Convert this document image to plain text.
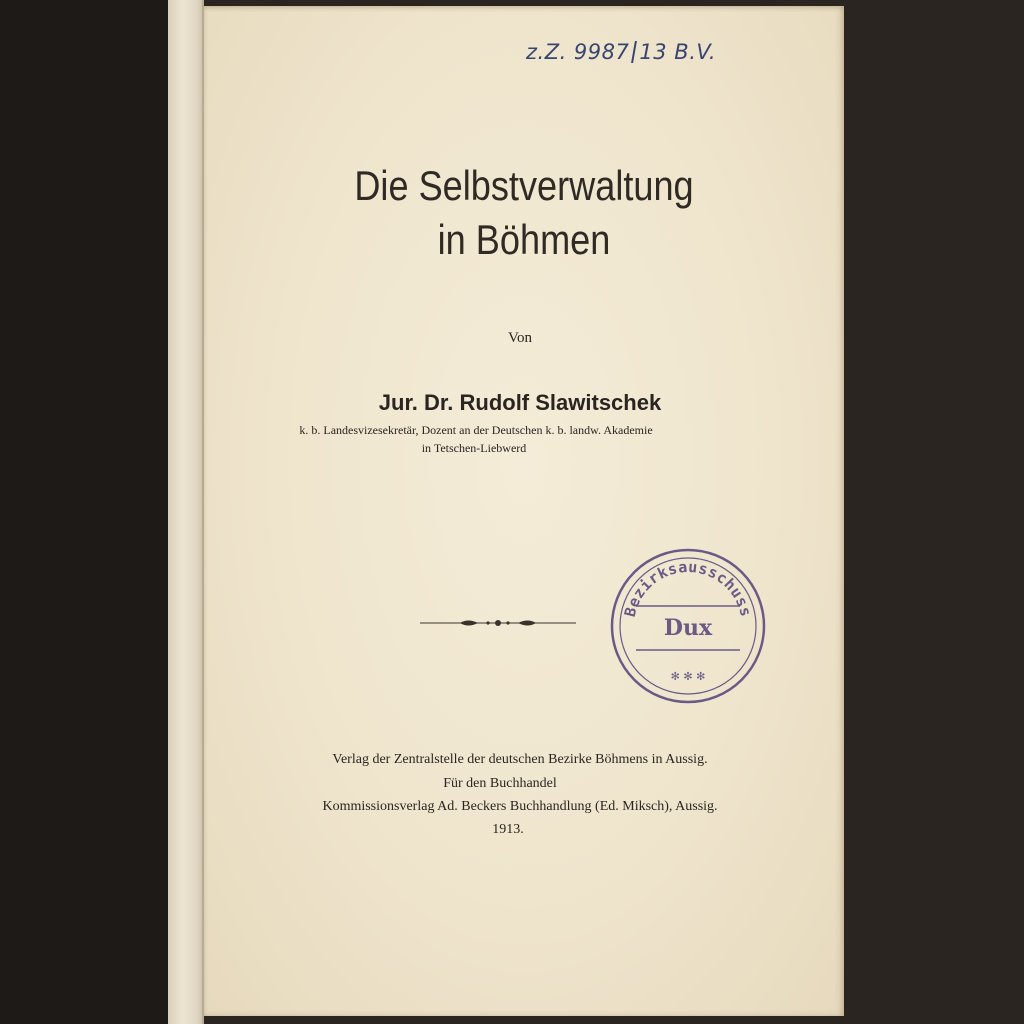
z.Z. 9987 13 B.V.
Die Selbstverwaltung
in Böhmen
Von
Jur. Dr. Rudolf Slawitschek
k. b. Landesvizesekretär, Dozent an der Deutschen k. b. landw. Akademie
in Tetschen-Liebwerd
Bezirksausschuss
Dux
✻ ✻ ✻
Verlag der Zentralstelle der deutschen Bezirke Böhmens in Aussig.
Für den Buchhandel
Kommissionsverlag Ad. Beckers Buchhandlung (Ed. Miksch), Aussig.
1913.
